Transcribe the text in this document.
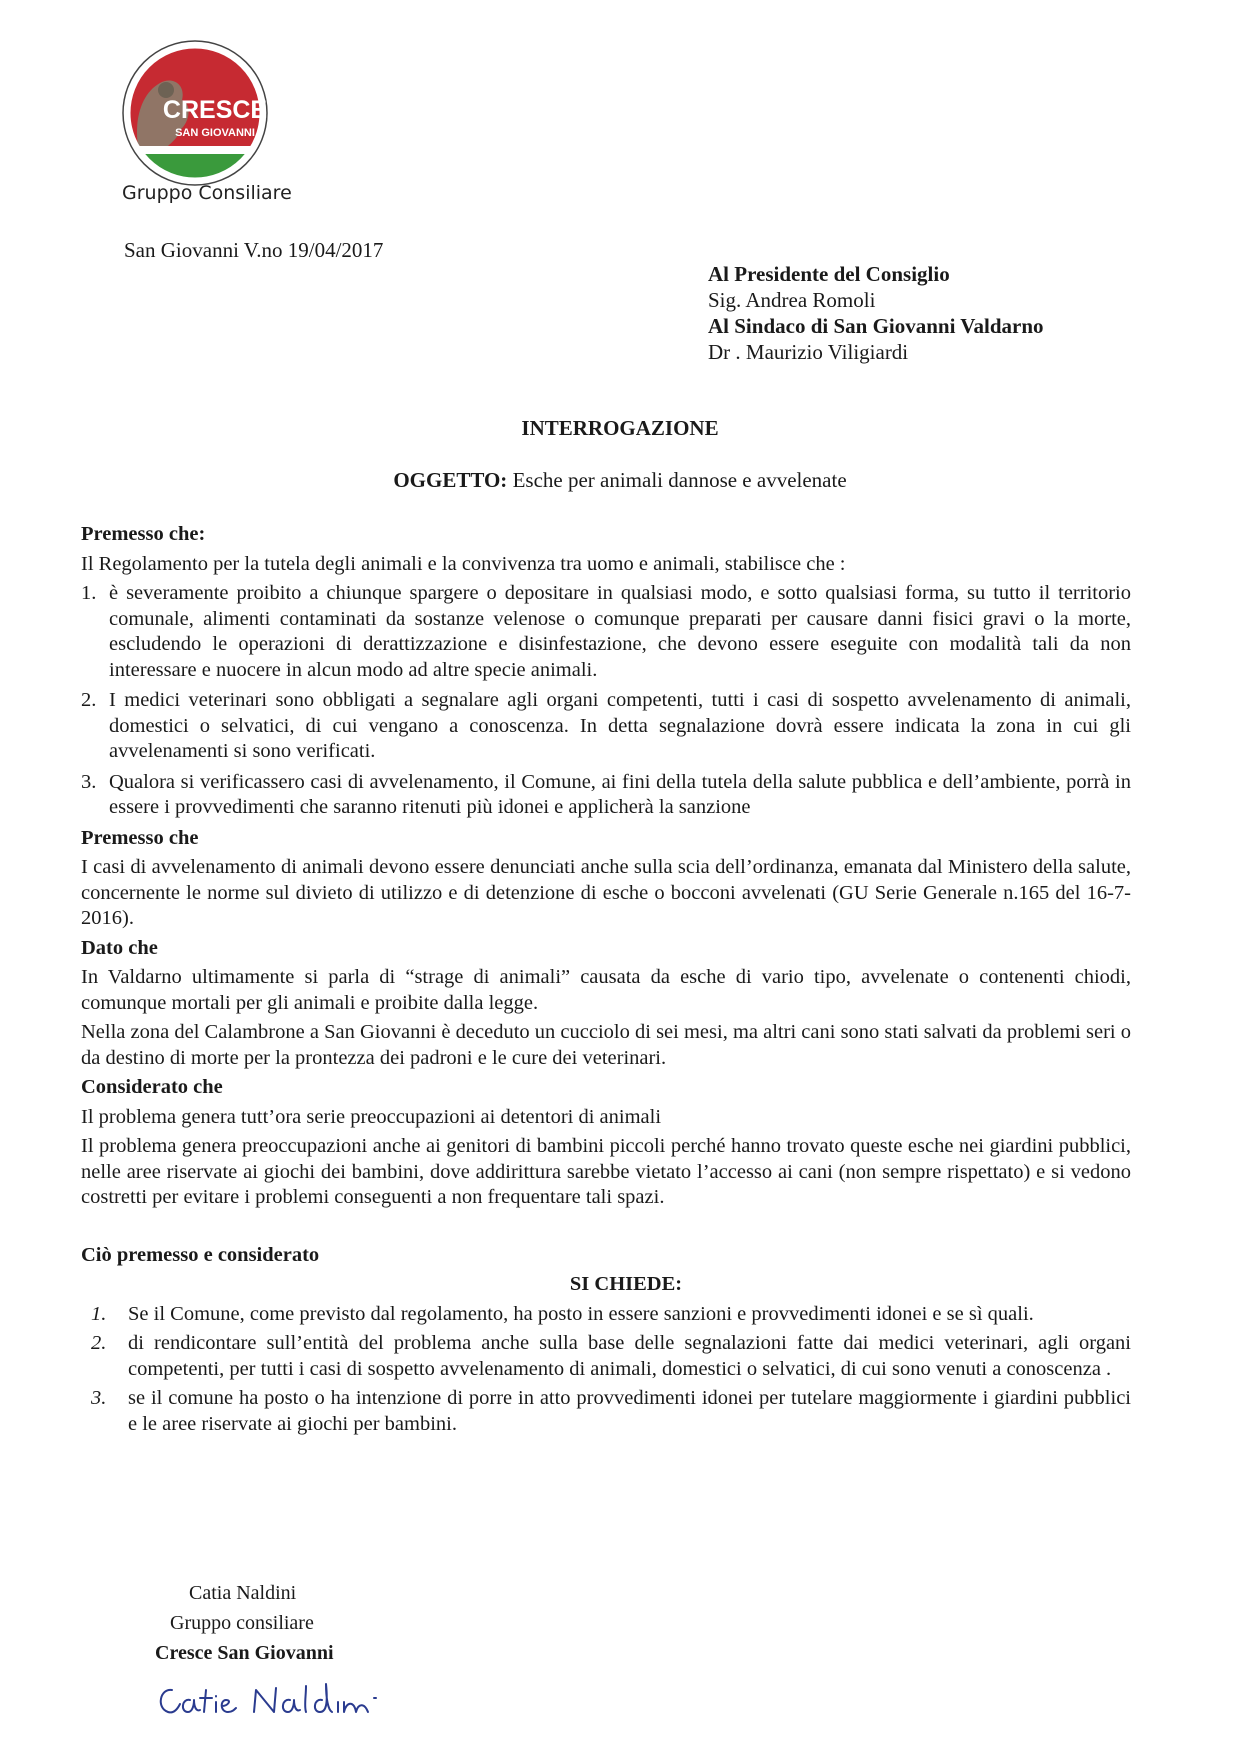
CRESCE
SAN GIOVANNI
Gruppo Consiliare
San Giovanni V.no 19/04/2017
Al Presidente del Consiglio
Sig. Andrea Romoli
Al Sindaco di San Giovanni Valdarno
Dr . Maurizio Viligiardi
INTERROGAZIONE
OGGETTO: Esche per animali dannose e avvelenate
Premesso che:

Il Regolamento per la tutela degli animali e la convivenza tra uomo e animali, stabilisce che :

1. è severamente proibito a chiunque spargere o depositare in qualsiasi modo, e sotto qualsiasi forma, su tutto il territorio comunale, alimenti contaminati da sostanze velenose o comunque preparati per causare danni fisici gravi o la morte, escludendo le operazioni di derattizzazione e disinfestazione, che devono essere eseguite con modalità tali da non interessare e nuocere in alcun modo ad altre specie animali.
2. I medici veterinari sono obbligati a segnalare agli organi competenti, tutti i casi di sospetto avvelenamento di animali, domestici o selvatici, di cui vengano a conoscenza. In detta segnalazione dovrà essere indicata la zona in cui gli avvelenamenti si sono verificati.
3. Qualora si verificassero casi di avvelenamento, il Comune, ai fini della tutela della salute pubblica e dell’ambiente, porrà in essere i provvedimenti che saranno ritenuti più idonei e applicherà la sanzione
Premesso che

I casi di avvelenamento di animali devono essere denunciati anche sulla scia dell’ordinanza, emanata dal Ministero della salute, concernente le norme sul divieto di utilizzo e di detenzione di esche o bocconi avvelenati (GU Serie Generale n.165 del 16-7-2016).

Dato che

In Valdarno ultimamente si parla di “strage di animali” causata da esche di vario tipo, avvelenate o contenenti chiodi, comunque mortali per gli animali e proibite dalla legge.

Nella zona del Calambrone a San Giovanni è deceduto un cucciolo di sei mesi, ma altri cani sono stati salvati da problemi seri o da destino di morte per la prontezza dei padroni e le cure dei veterinari.

Considerato che

Il problema genera tutt’ora serie preoccupazioni ai detentori di animali

Il problema genera preoccupazioni anche ai genitori di bambini piccoli perché hanno trovato queste esche nei giardini pubblici, nelle aree riservate ai giochi dei bambini, dove addirittura sarebbe vietato l’accesso ai cani (non sempre rispettato) e si vedono costretti per evitare i problemi conseguenti a non frequentare tali spazi.

Ciò premesso e considerato
SI CHIEDE:
1. Se il Comune, come previsto dal regolamento, ha posto in essere sanzioni e provvedimenti idonei e se sì quali.
2. di rendicontare sull’entità del problema anche sulla base delle segnalazioni fatte dai medici veterinari, agli organi competenti, per tutti i casi di sospetto avvelenamento di animali, domestici o selvatici, di cui sono venuti a conoscenza .
3. se il comune ha posto o ha intenzione di porre in atto provvedimenti idonei per tutelare maggiormente i giardini pubblici e le aree riservate ai giochi per bambini.
Catia Naldini
Gruppo consiliare
Cresce San Giovanni
